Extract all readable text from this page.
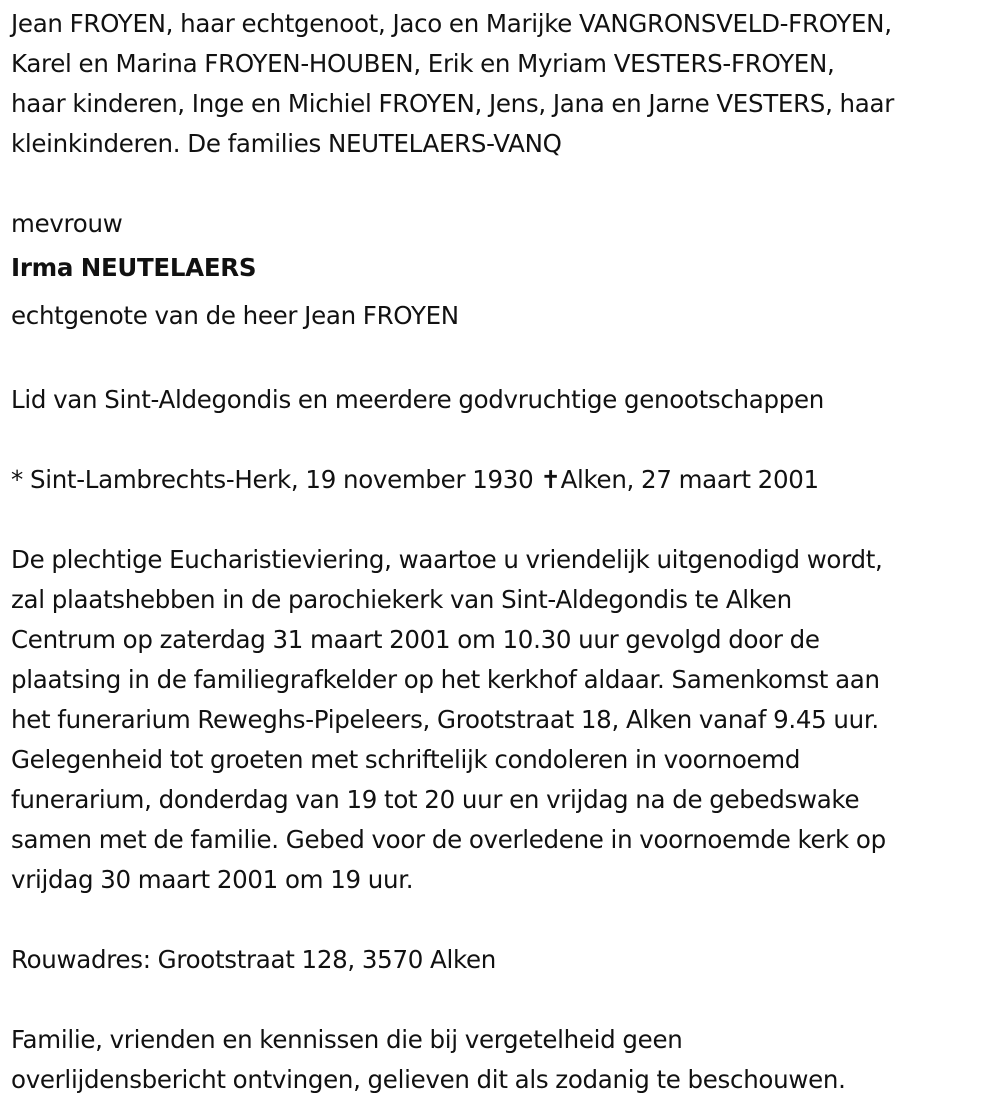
Jean FROYEN, haar echtgenoot, Jaco en Marijke VANGRONSVELD-FROYEN,
Karel en Marina FROYEN-HOUBEN, Erik en Myriam VESTERS-FROYEN,
haar kinderen, Inge en Michiel FROYEN, Jens, Jana en Jarne VESTERS, haar
kleinkinderen. De families NEUTELAERS-VANQ
mevrouw
Irma NEUTELAERS
echtgenote van de heer Jean FROYEN
Lid van Sint-Aldegondis en meerdere godvruchtige genootschappen
* Sint-Lambrechts-Herk, 19 november 1930 ✝Alken, 27 maart 2001
De plechtige Eucharistieviering, waartoe u vriendelijk uitgenodigd wordt,
zal plaatshebben in de parochiekerk van Sint-Aldegondis te Alken
Centrum op zaterdag 31 maart 2001 om 10.30 uur gevolgd door de
plaatsing in de familiegrafkelder op het kerkhof aldaar. Samenkomst aan
het funerarium Reweghs-Pipeleers, Grootstraat 18, Alken vanaf 9.45 uur.
Gelegenheid tot groeten met schriftelijk condoleren in voornoemd
funerarium, donderdag van 19 tot 20 uur en vrijdag na de gebedswake
samen met de familie. Gebed voor de overledene in voornoemde kerk op
vrijdag 30 maart 2001 om 19 uur.
Rouwadres: Grootstraat 128, 3570 Alken
Familie, vrienden en kennissen die bij vergetelheid geen
overlijdensbericht ontvingen, gelieven dit als zodanig te beschouwen.
